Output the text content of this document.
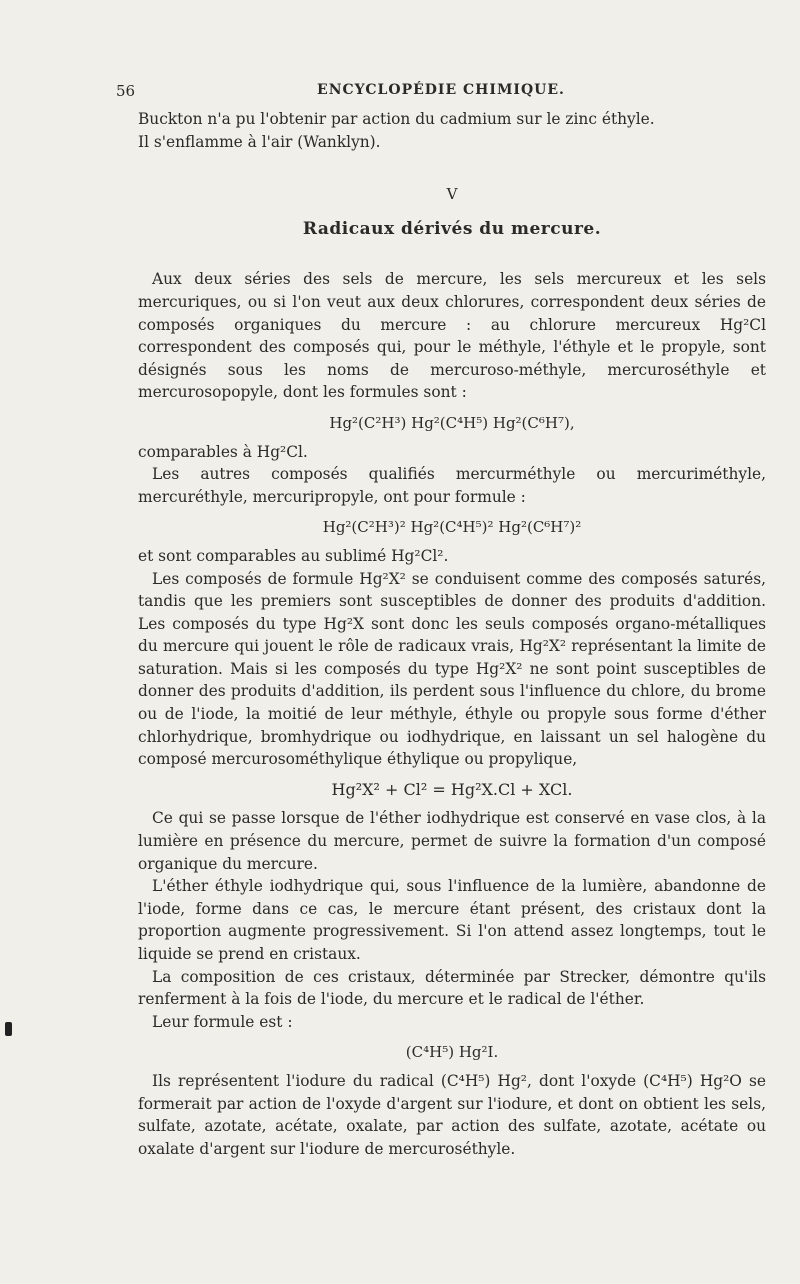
56	ENCYCLOPÉDIE CHIMIQUE.

Buckton n'a pu l'obtenir par action du cadmium sur le zinc éthyle.

Il s'enflamme à l'air (Wanklyn).

V
Radicaux dérivés du mercure.

Aux deux séries des sels de mercure, les sels mercureux et les sels mercuriques, ou si l'on veut aux deux chlorures, correspondent deux séries de composés organiques du mercure : au chlorure mercureux Hg²Cl correspondent des composés qui, pour le méthyle, l'éthyle et le propyle, sont désignés sous les noms de mercuroso-méthyle, mercuroséthyle et mercurosopopyle, dont les formules sont :

Hg²(C²H³) Hg²(C⁴H⁵) Hg²(C⁶H⁷),

comparables à Hg²Cl.

Les autres composés qualifiés mercurméthyle ou mercuriméthyle, mercuréthyle, mercuripropyle, ont pour formule :

Hg²(C²H³)² Hg²(C⁴H⁵)² Hg²(C⁶H⁷)²

et sont comparables au sublimé Hg²Cl².

Les composés de formule Hg²X² se conduisent comme des composés saturés, tandis que les premiers sont susceptibles de donner des produits d'addition. Les composés du type Hg²X sont donc les seuls composés organo-métalliques du mercure qui jouent le rôle de radicaux vrais, Hg²X² représentant la limite de saturation. Mais si les composés du type Hg²X² ne sont point susceptibles de donner des produits d'addition, ils perdent sous l'influence du chlore, du brome ou de l'iode, la moitié de leur méthyle, éthyle ou propyle sous forme d'éther chlorhydrique, bromhydrique ou iodhydrique, en laissant un sel halogène du composé mercurosométhylique éthylique ou propylique,

Hg²X² + Cl² = Hg²X.Cl + XCl.

Ce qui se passe lorsque de l'éther iodhydrique est conservé en vase clos, à la lumière en présence du mercure, permet de suivre la formation d'un composé organique du mercure.

L'éther éthyle iodhydrique qui, sous l'influence de la lumière, abandonne de l'iode, forme dans ce cas, le mercure étant présent, des cristaux dont la proportion augmente progressivement. Si l'on attend assez longtemps, tout le liquide se prend en cristaux.

La composition de ces cristaux, déterminée par Strecker, démontre qu'ils renferment à la fois de l'iode, du mercure et le radical de l'éther.

Leur formule est :

(C⁴H⁵) Hg²I.

Ils représentent l'iodure du radical (C⁴H⁵) Hg², dont l'oxyde (C⁴H⁵) Hg²O se formerait par action de l'oxyde d'argent sur l'iodure, et dont on obtient les sels, sulfate, azotate, acétate, oxalate, par action des sulfate, azotate, acétate ou oxalate d'argent sur l'iodure de mercuroséthyle.
